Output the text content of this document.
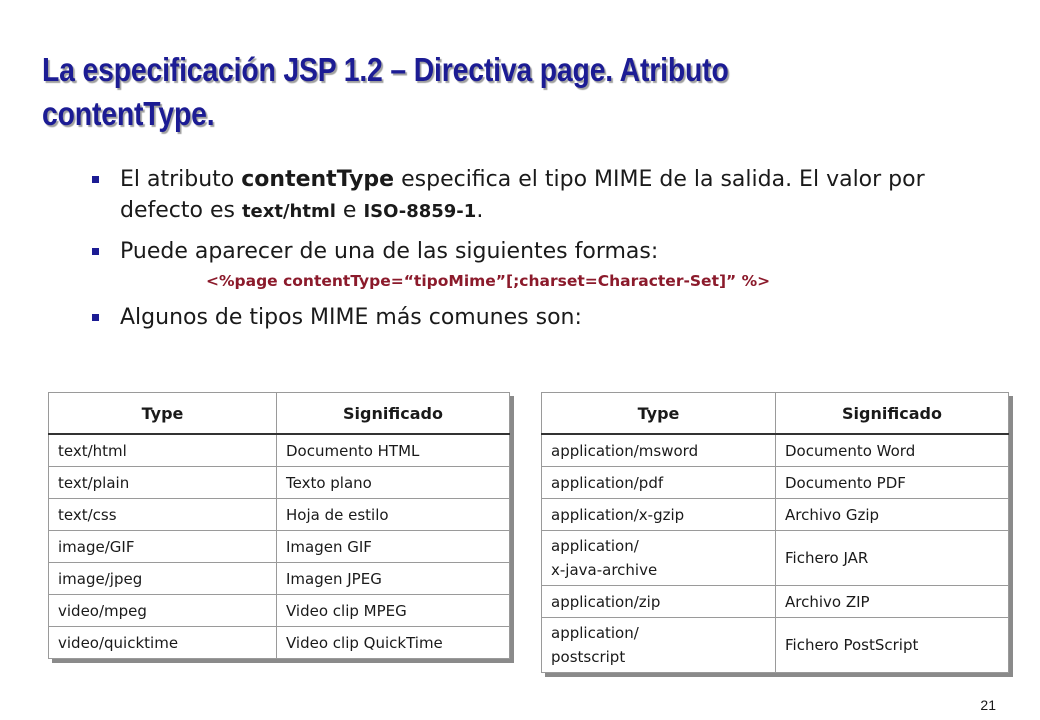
La especificación JSP 1.2 – Directiva page. Atributo contentType.
El atributo contentType especifica el tipo MIME de la salida. El valor por defecto es text/html e ISO-8859-1.
Puede aparecer de una de las siguientes formas:
<%page contentType=“tipoMime”[;charset=Character-Set]” %>
Algunos de tipos MIME más comunes son:
Type	Significado
text/html	Documento HTML
text/plain	Texto plano
text/css	Hoja de estilo
image/GIF	Imagen GIF
image/jpeg	Imagen JPEG
video/mpeg	Video clip MPEG
video/quicktime	Video clip QuickTime
Type	Significado
application/msword	Documento Word
application/pdf	Documento PDF
application/x-gzip	Archivo Gzip
application/
x-java-archive	Fichero JAR
application/zip	Archivo ZIP
application/
postscript	Fichero PostScript
21
